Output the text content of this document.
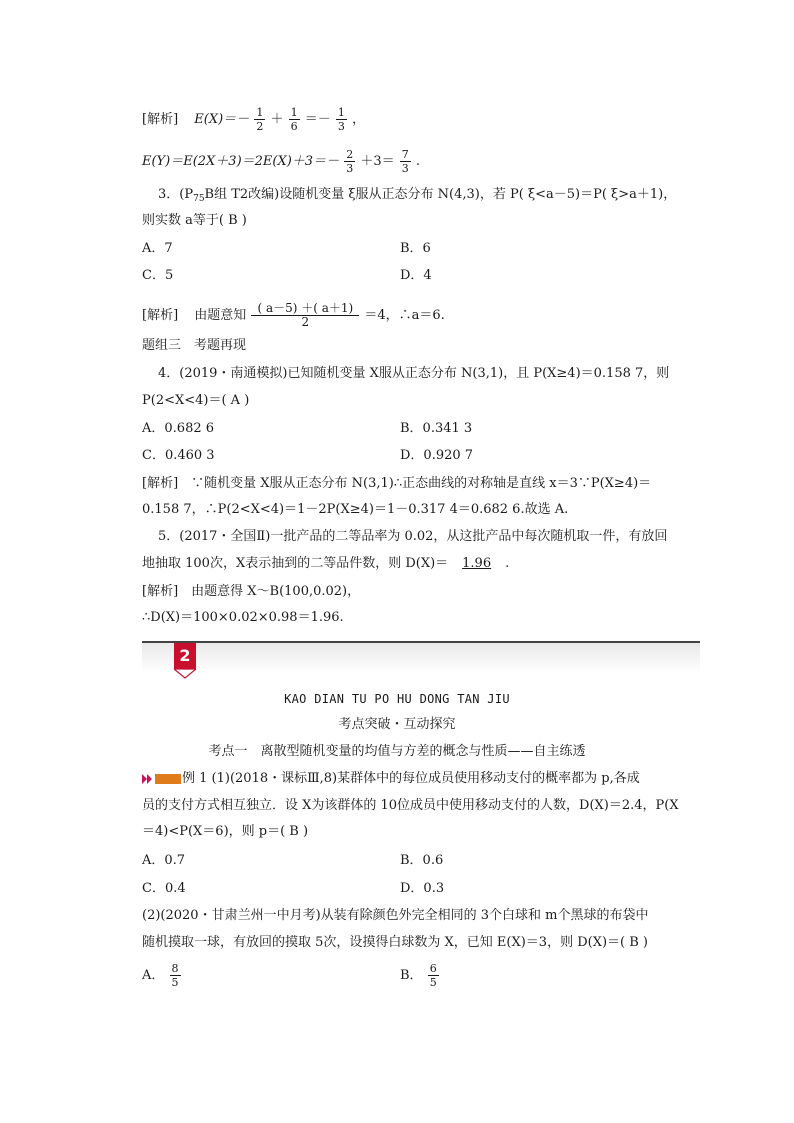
[解析] $E(X)=- \frac{1}{2} + \frac{1}{6} =- \frac{1}{3}$ ，
$E(Y)=E(2X+3)=2E(X)+3=- \frac{2}{3} +3= \frac{7}{3}$ .
3．($P_{75}B$组 T2改编)设随机变量 ξ服从正态分布 N(4,3)，若 P( ξ<a－5)＝P( ξ>a＋1)，
则实数 a等于( B )
A．7	B．6
C．5	D．4
[解析] 由题意知 $\frac{( a-5) +( a+1)}{2} =4$，∴a＝6.
题组三　考题再现
4．(2019・南通模拟)已知随机变量 X服从正态分布 N(3,1)，且 P(X≥4)＝0.158 7，则
P(2<X<4)＝( A )
A．0.682 6	B．0.341 3
C．0.460 3	D．0.920 7
[解析]　∵随机变量 X服从正态分布 N(3,1)∴正态曲线的对称轴是直线 x＝3∵P(X≥4)＝
0.158 7，∴P(2<X<4)＝1－2P(X≥4)＝1－0.317 4＝0.682 6.故选 A.
5．(2017・全国Ⅱ)一批产品的二等品率为 0.02，从这批产品中每次随机取一件，有放回
地抽取 100次，X表示抽到的二等品件数，则 D(X)＝ 1.96 .
[解析]　由题意得 X～B(100,0.02)，
∴D(X)＝100×0.02×0.98＝1.96.
2
KAO DIAN TU PO HU DONG TAN JIU
考点突破・互动探究
考点一　离散型随机变量的均值与方差的概念与性质——自主练透
例 1 (1)(2018・课标Ⅲ,8)某群体中的每位成员使用移动支付的概率都为 p,各成
员的支付方式相互独立．设 X为该群体的 10位成员中使用移动支付的人数，D(X)＝2.4，P(X
＝4)<P(X＝6)，则 p＝( B )
A．0.7	B．0.6
C．0.4	D．0.3
(2)(2020・甘肃兰州一中月考)从装有除颜色外完全相同的 3个白球和 m个黑球的布袋中
随机摸取一球，有放回的摸取 5次，设摸得白球数为 X，已知 E(X)＝3，则 D(X)＝( B )
A． $\frac{8}{5}$	B． $\frac{6}{5}$
